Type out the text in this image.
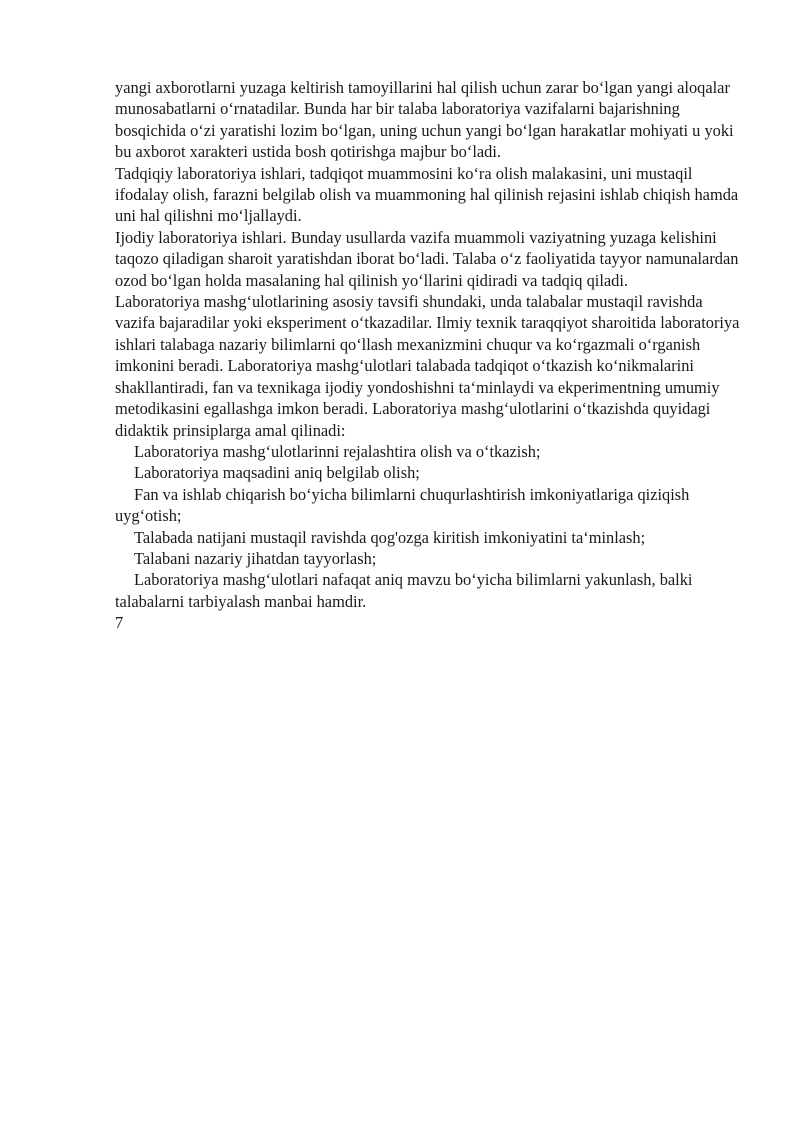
yangi axborotlarni yuzaga keltirish tamoyillarini hal qilish uchun zarar bo‘lgan yangi aloqalar munosabatlarni o‘rnatadilar. Bunda har bir talaba laboratoriya vazifalarni bajarishning bosqichida o‘zi yaratishi lozim bo‘lgan, uning uchun yangi bo‘lgan harakatlar mohiyati u yoki bu axborot xarakteri ustida bosh qotirishga majbur bo‘ladi.

Tadqiqiy laboratoriya ishlari, tadqiqot muammosini ko‘ra olish malakasini, uni mustaqil ifodalay olish, farazni belgilab olish va muammoning hal qilinish rejasini ishlab chiqish hamda uni hal qilishni mo‘ljallaydi.

Ijodiy laboratoriya ishlari. Bunday usullarda vazifa muammoli vaziyatning yuzaga kelishini taqozo qiladigan sharoit yaratishdan iborat bo‘ladi. Talaba o‘z faoliyatida tayyor namunalardan ozod bo‘lgan holda masalaning hal qilinish yo‘llarini qidiradi va tadqiq qiladi.

Laboratoriya mashg‘ulotlarining asosiy tavsifi shundaki, unda talabalar mustaqil ravishda vazifa bajaradilar yoki eksperiment o‘tkazadilar. Ilmiy texnik taraqqiyot sharoitida laboratoriya ishlari talabaga nazariy bilimlarni qo‘llash mexanizmini chuqur va ko‘rgazmali o‘rganish imkonini beradi. Laboratoriya mashg‘ulotlari talabada tadqiqot o‘tkazish ko‘nikmalarini shakllantiradi, fan va texnikaga ijodiy yondoshishni ta‘minlaydi va ekperimentning umumiy metodikasini egallashga imkon beradi. Laboratoriya mashg‘ulotlarini o‘tkazishda quyidagi didaktik prinsiplarga amal qilinadi:

Laboratoriya mashg‘ulotlarinni rejalashtira olish va o‘tkazish;

Laboratoriya maqsadini aniq belgilab olish;

Fan va ishlab chiqarish bo‘yicha bilimlarni chuqurlashtirish imkoniyatlariga qiziqish uyg‘otish;

Talabada natijani mustaqil ravishda qog'ozga kiritish imkoniyatini ta‘minlash;

Talabani nazariy jihatdan tayyorlash;

Laboratoriya mashg‘ulotlari nafaqat aniq mavzu bo‘yicha bilimlarni yakunlash, balki talabalarni tarbiyalash manbai hamdir.

7
